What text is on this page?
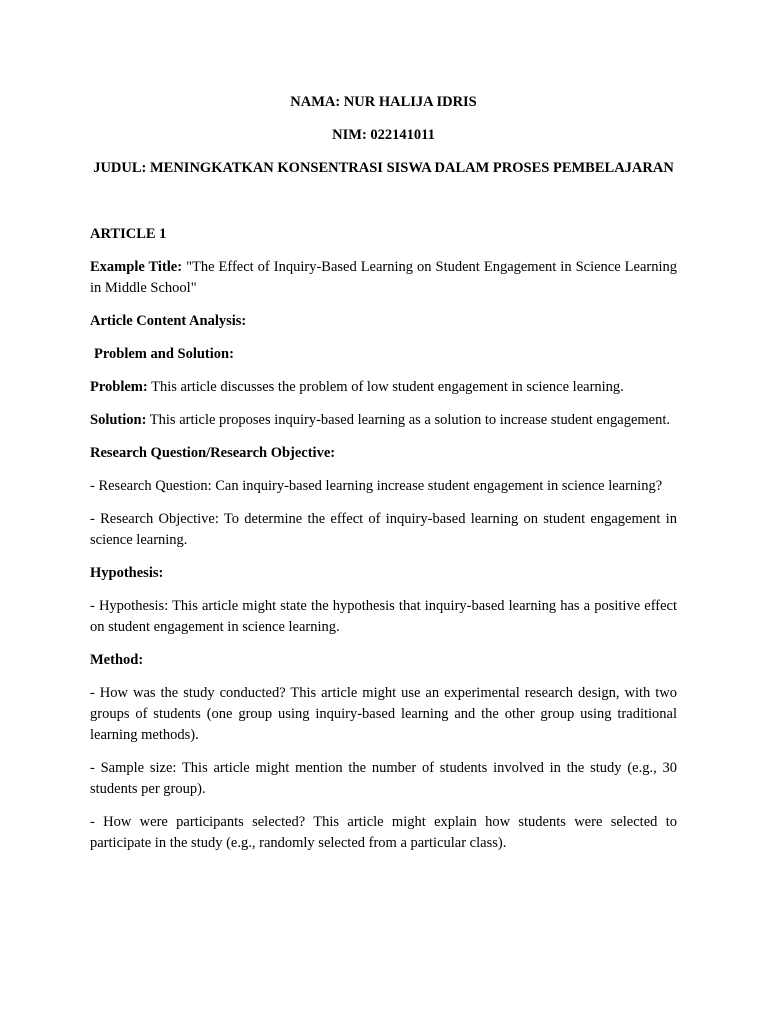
NAMA: NUR HALIJA IDRIS

NIM: 022141011

JUDUL: MENINGKATKAN KONSENTRASI SISWA DALAM PROSES PEMBELAJARAN

ARTICLE 1

Example Title: "The Effect of Inquiry-Based Learning on Student Engagement in Science Learning in Middle School"

Article Content Analysis:

Problem and Solution:

Problem: This article discusses the problem of low student engagement in science learning.

Solution: This article proposes inquiry-based learning as a solution to increase student engagement.

Research Question/Research Objective:

- Research Question: Can inquiry-based learning increase student engagement in science learning?

- Research Objective: To determine the effect of inquiry-based learning on student engagement in science learning.

Hypothesis:

- Hypothesis: This article might state the hypothesis that inquiry-based learning has a positive effect on student engagement in science learning.

Method:

- How was the study conducted? This article might use an experimental research design, with two groups of students (one group using inquiry-based learning and the other group using traditional learning methods).

- Sample size: This article might mention the number of students involved in the study (e.g., 30 students per group).

- How were participants selected? This article might explain how students were selected to participate in the study (e.g., randomly selected from a particular class).
